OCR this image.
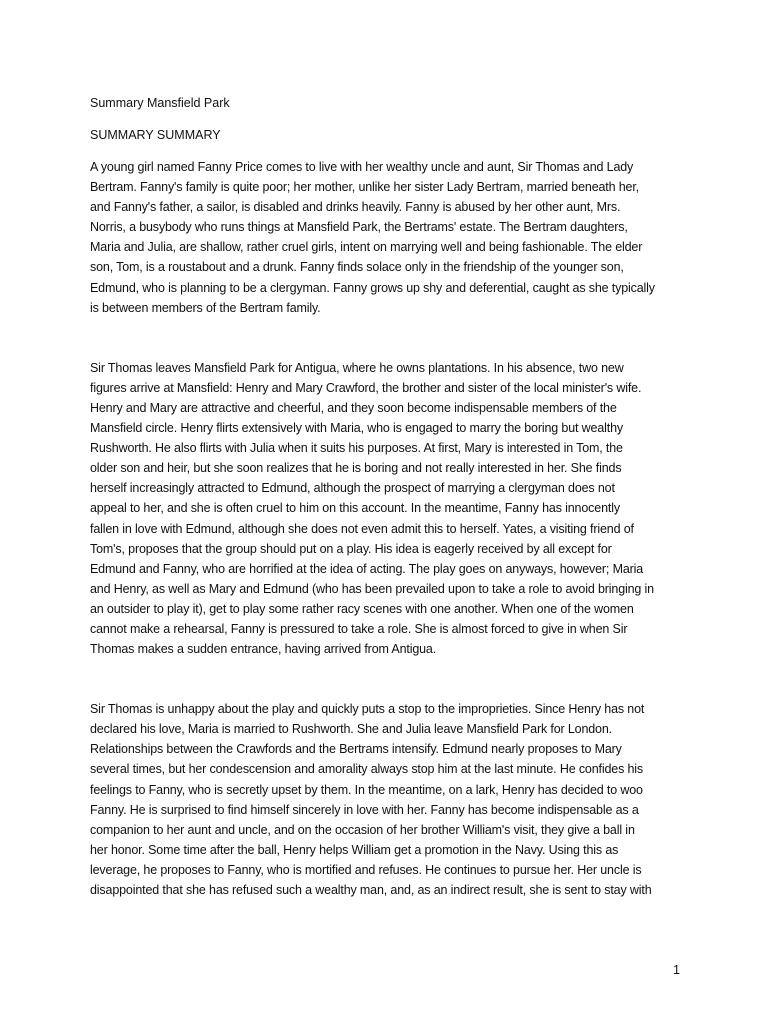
Summary Mansfield Park
SUMMARY SUMMARY
A young girl named Fanny Price comes to live with her wealthy uncle and aunt, Sir Thomas and Lady
Bertram. Fanny's family is quite poor; her mother, unlike her sister Lady Bertram, married beneath her,
and Fanny's father, a sailor, is disabled and drinks heavily. Fanny is abused by her other aunt, Mrs.
Norris, a busybody who runs things at Mansfield Park, the Bertrams' estate. The Bertram daughters,
Maria and Julia, are shallow, rather cruel girls, intent on marrying well and being fashionable. The elder
son, Tom, is a roustabout and a drunk. Fanny finds solace only in the friendship of the younger son,
Edmund, who is planning to be a clergyman. Fanny grows up shy and deferential, caught as she typically
is between members of the Bertram family.
Sir Thomas leaves Mansfield Park for Antigua, where he owns plantations. In his absence, two new
figures arrive at Mansfield: Henry and Mary Crawford, the brother and sister of the local minister's wife.
Henry and Mary are attractive and cheerful, and they soon become indispensable members of the
Mansfield circle. Henry flirts extensively with Maria, who is engaged to marry the boring but wealthy
Rushworth. He also flirts with Julia when it suits his purposes. At first, Mary is interested in Tom, the
older son and heir, but she soon realizes that he is boring and not really interested in her. She finds
herself increasingly attracted to Edmund, although the prospect of marrying a clergyman does not
appeal to her, and she is often cruel to him on this account. In the meantime, Fanny has innocently
fallen in love with Edmund, although she does not even admit this to herself. Yates, a visiting friend of
Tom's, proposes that the group should put on a play. His idea is eagerly received by all except for
Edmund and Fanny, who are horrified at the idea of acting. The play goes on anyways, however; Maria
and Henry, as well as Mary and Edmund (who has been prevailed upon to take a role to avoid bringing in
an outsider to play it), get to play some rather racy scenes with one another. When one of the women
cannot make a rehearsal, Fanny is pressured to take a role. She is almost forced to give in when Sir
Thomas makes a sudden entrance, having arrived from Antigua.
Sir Thomas is unhappy about the play and quickly puts a stop to the improprieties. Since Henry has not
declared his love, Maria is married to Rushworth. She and Julia leave Mansfield Park for London.
Relationships between the Crawfords and the Bertrams intensify. Edmund nearly proposes to Mary
several times, but her condescension and amorality always stop him at the last minute. He confides his
feelings to Fanny, who is secretly upset by them. In the meantime, on a lark, Henry has decided to woo
Fanny. He is surprised to find himself sincerely in love with her. Fanny has become indispensable as a
companion to her aunt and uncle, and on the occasion of her brother William's visit, they give a ball in
her honor. Some time after the ball, Henry helps William get a promotion in the Navy. Using this as
leverage, he proposes to Fanny, who is mortified and refuses. He continues to pursue her. Her uncle is
disappointed that she has refused such a wealthy man, and, as an indirect result, she is sent to stay with
1
